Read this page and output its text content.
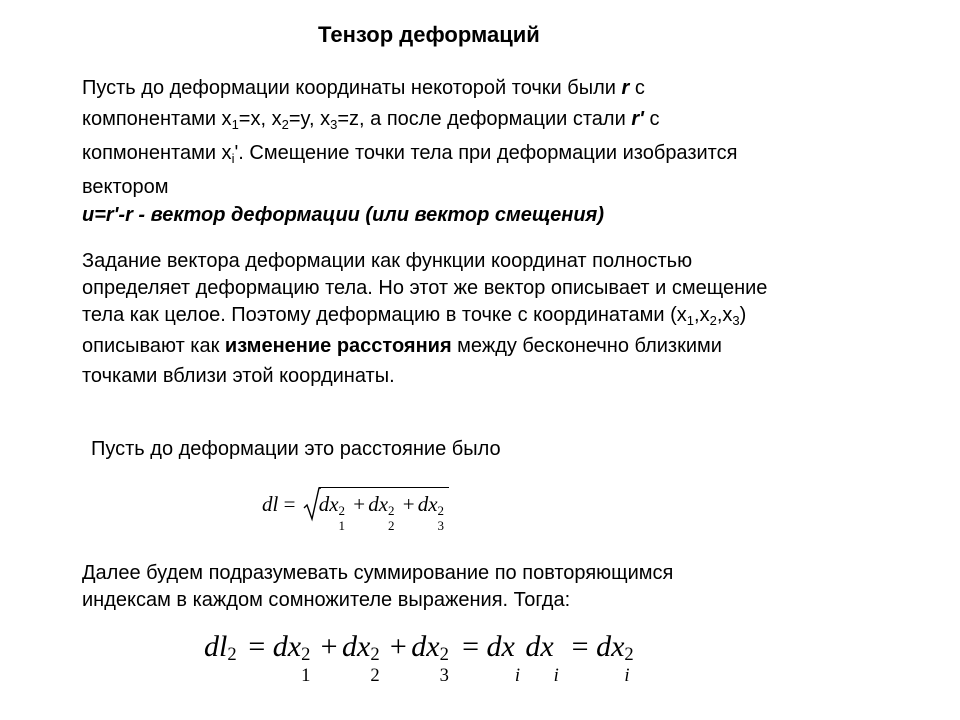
Тензор деформаций
Пусть до деформации координаты некоторой точки были r с
компонентами $x_1=x$, $x_2=y$, $x_3=z$, а после деформации стали r' с
копмонентами $x_i'$. Смещение точки тела при деформации изобразится
вектором
u=r'-r - вектор деформации (или вектор смещения)
Задание вектора деформации как функции координат полностью
определяет деформацию тела. Но этот же вектор описывает и смещение
тела как целое. Поэтому деформацию в точке с координатами $(x_1,x_2,x_3)$
описывают как изменение расстояния между бесконечно близкими
точками вблизи этой координаты.
Пусть до деформации это расстояние было
dl = dx 2
1
+ dx 2
2
+ dx 2
3
Далее будем подразумевать суммирование по повторяющимся
индексам в каждом сомножителе выражения. Тогда:
dl 2 = dx 2
1
+ dx 2
2
+ dx 2
3
= dx
i
dx
i
= dx 2
i
